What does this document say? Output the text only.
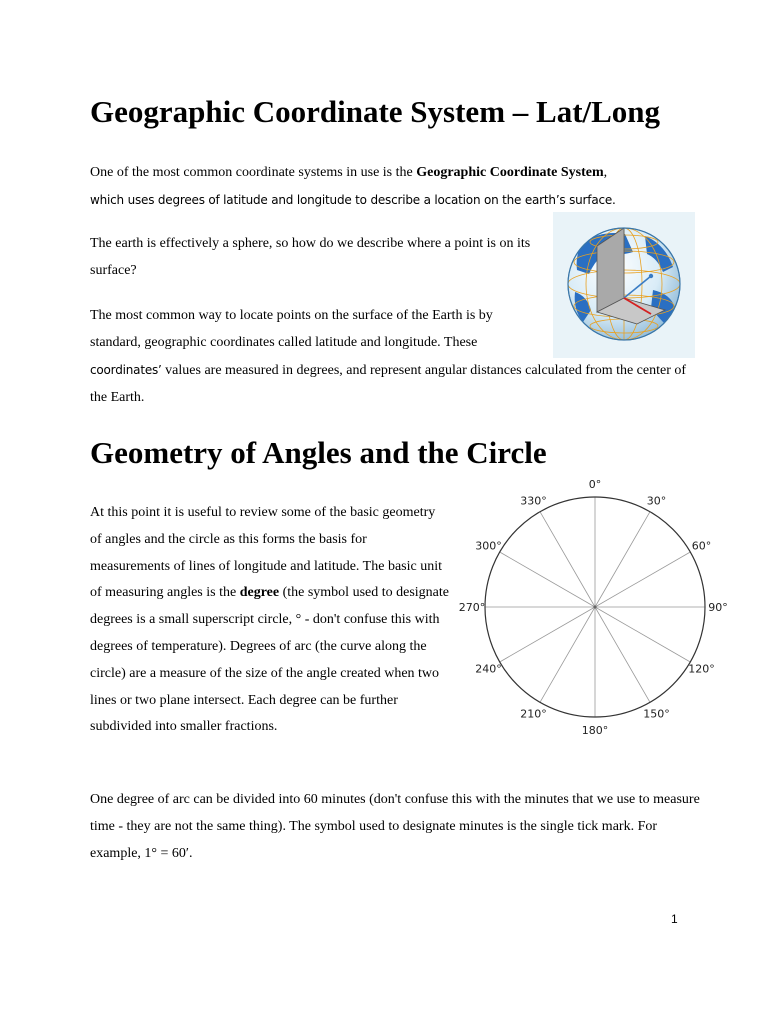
Geographic Coordinate System – Lat/Long
One of the most common coordinate systems in use is the Geographic Coordinate System,
which uses degrees of latitude and longitude to describe a location on the earth’s surface.

The earth is effectively a sphere, so how do we describe where a point is on its surface?

The most common way to locate points on the surface of the Earth is by standard, geographic coordinates called latitude and longitude. These

coordinates’ values are measured in degrees, and represent angular distances calculated from the center of the Earth.

Geometry of Angles and the Circle

At this point it is useful to review some of the basic geometry of angles and the circle as this forms the basis for measurements of lines of longitude and latitude. The basic unit of measuring angles is the degree (the symbol used to designate degrees is a small superscript circle, ° - don't confuse this with degrees of temperature). Degrees of arc (the curve along the circle) are a measure of the size of the angle created when two lines or two plane intersect. Each degree can be further subdivided into smaller fractions.

0°
30°
60°
90°
120°
150°
180°
210°
240°
270°
300°
330°

One degree of arc can be divided into 60 minutes (don't confuse this with the minutes that we use to measure time - they are not the same thing). The symbol used to designate minutes is the single tick mark. For example, 1° = 60′.

1
